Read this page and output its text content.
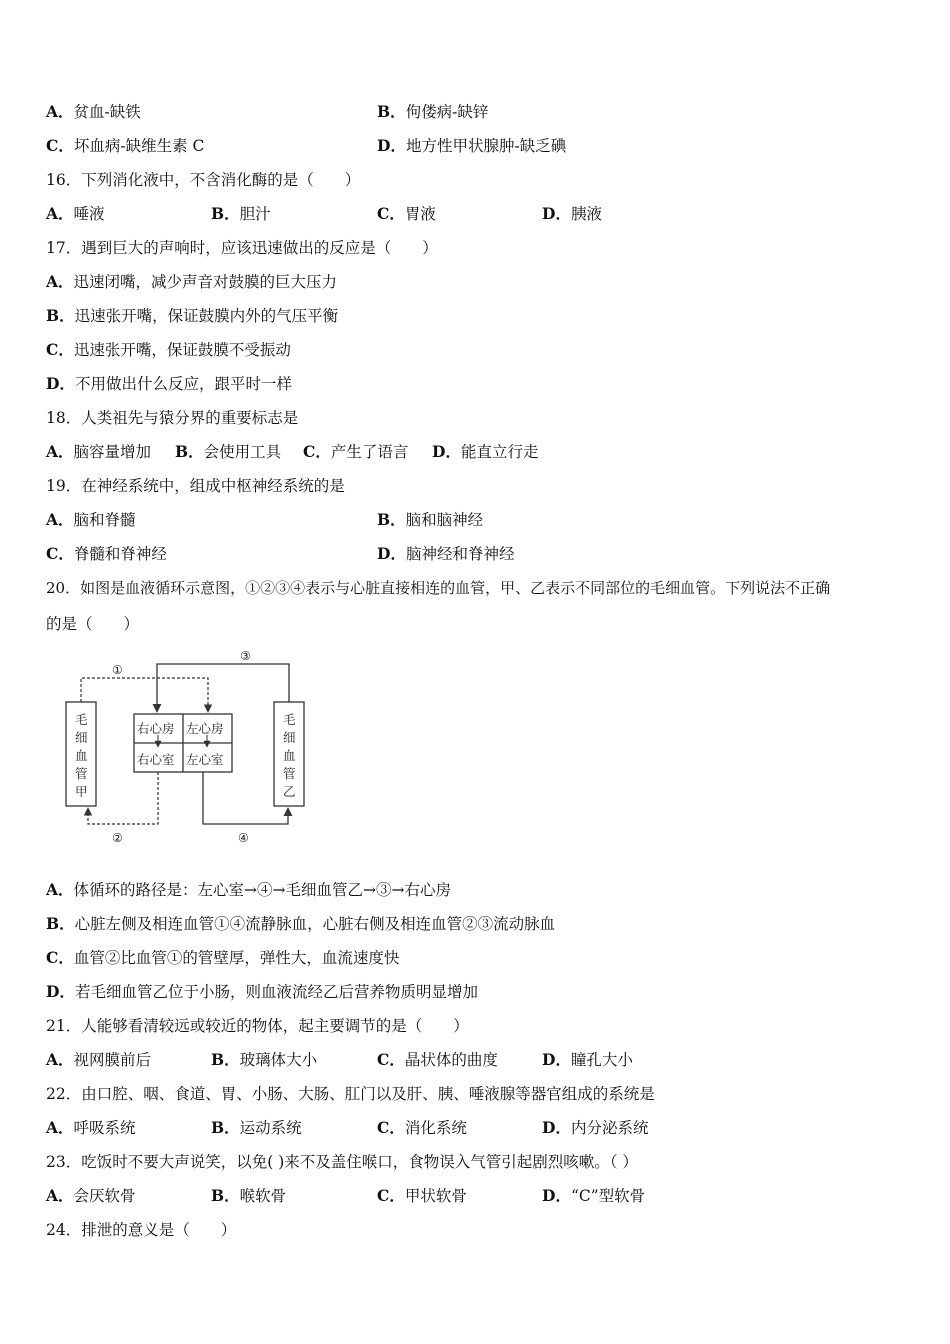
A．贫血-缺铁	B．佝偻病-缺锌
C．坏血病-缺维生素 C	D．地方性甲状腺肿-缺乏碘
16．下列消化液中，不含消化酶的是（　　）
A．唾液	B．胆汁	C．胃液	D．胰液
17．遇到巨大的声响时，应该迅速做出的反应是（　　）
A．迅速闭嘴，减少声音对鼓膜的巨大压力
B．迅速张开嘴，保证鼓膜内外的气压平衡
C．迅速张开嘴，保证鼓膜不受振动
D．不用做出什么反应，跟平时一样
18．人类祖先与猿分界的重要标志是
A．脑容量增加 B．会使用工具 C．产生了语言 D．能直立行走
19．在神经系统中，组成中枢神经系统的是
A．脑和脊髓	B．脑和脑神经
C．脊髓和脊神经	D．脑神经和脊神经
20．如图是血液循环示意图，①②③④表示与心脏直接相连的血管，甲、乙表示不同部位的毛细血管。下列说法不正确
的是（　　）
①
③
②	④
右心房 左心房
右心室 左心室
毛
细
血
管
甲
毛
细
血
管
乙
A．体循环的路径是：左心室→④→毛细血管乙→③→右心房
B．心脏左侧及相连血管①④流静脉血，心脏右侧及相连血管②③流动脉血
C．血管②比血管①的管壁厚，弹性大，血流速度快
D．若毛细血管乙位于小肠，则血液流经乙后营养物质明显增加
21．人能够看清较远或较近的物体，起主要调节的是（　　）
A．视网膜前后	B．玻璃体大小	C．晶状体的曲度	D．瞳孔大小
22．由口腔、咽、食道、胃、小肠、大肠、肛门以及肝、胰、唾液腺等器官组成的系统是
A．呼吸系统	B．运动系统	C．消化系统	D．内分泌系统
23．吃饭时不要大声说笑，以免( )来不及盖住喉口，食物误入气管引起剧烈咳嗽。（ ）
A．会厌软骨	B．喉软骨	C．甲状软骨	D．“C”型软骨
24．排泄的意义是（　　）
